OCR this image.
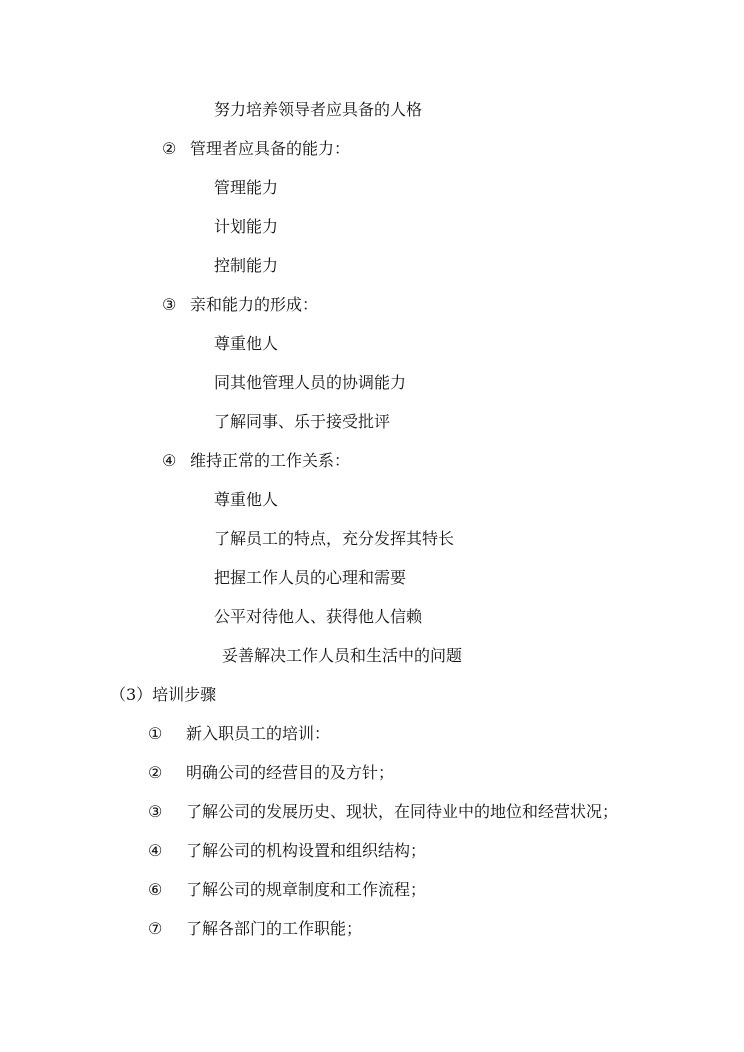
努力培养领导者应具备的人格
② 管理者应具备的能力：
管理能力
计划能力
控制能力
③ 亲和能力的形成：
尊重他人
同其他管理人员的协调能力
了解同事、乐于接受批评
④ 维持正常的工作关系：
尊重他人
了解员工的特点，充分发挥其特长
把握工作人员的心理和需要
公平对待他人、获得他人信赖
妥善解决工作人员和生活中的问题
（3）培训步骤
① 新入职员工的培训：
② 明确公司的经营目的及方针；
③ 了解公司的发展历史、现状，在同待业中的地位和经营状况；
④ 了解公司的机构设置和组织结构；
⑥ 了解公司的规章制度和工作流程；
⑦ 了解各部门的工作职能；
